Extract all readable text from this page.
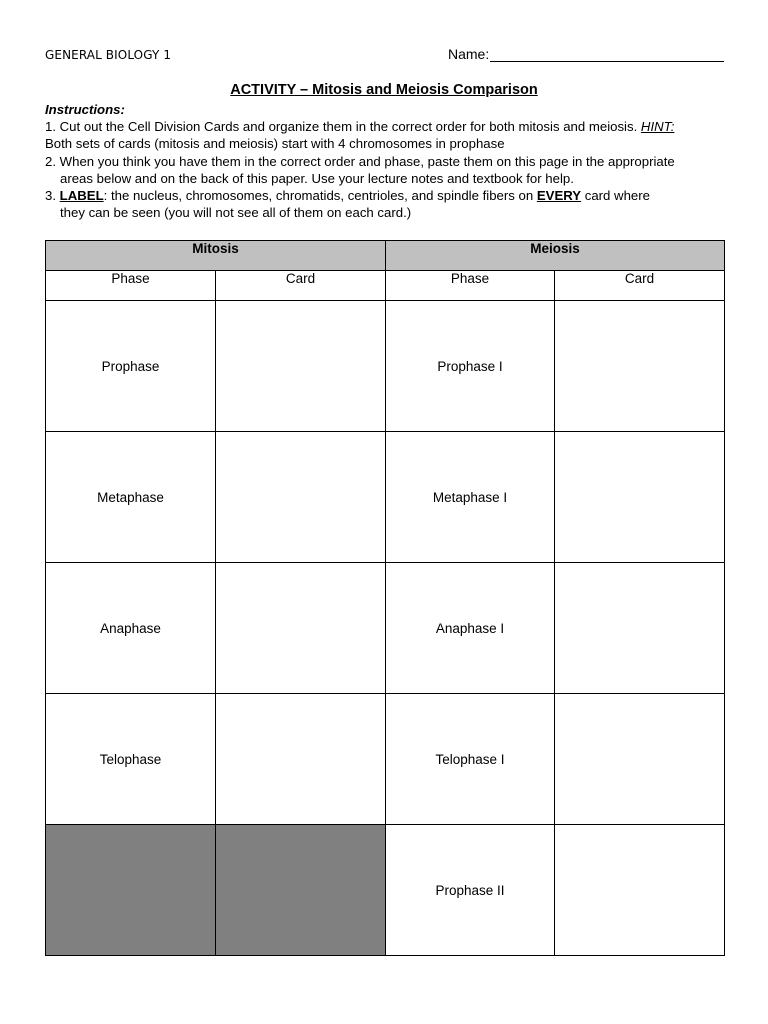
GENERAL BIOLOGY 1	Name:
ACTIVITY – Mitosis and Meiosis Comparison

Instructions:

1. Cut out the Cell Division Cards and organize them in the correct order for both mitosis and meiosis. HINT:

Both sets of cards (mitosis and meiosis) start with 4 chromosomes in prophase

2. When you think you have them in the correct order and phase, paste them on this page in the appropriate

areas below and on the back of this paper. Use your lecture notes and textbook for help.

3. LABEL: the nucleus, chromosomes, chromatids, centrioles, and spindle fibers on EVERY card where

they can be seen (you will not see all of them on each card.)

Mitosis		Meiosis	
Phase	Card	Phase	Card
Prophase		Prophase I	
Metaphase		Metaphase I	
Anaphase		Anaphase I	
Telophase		Telophase I	
		Prophase II	
